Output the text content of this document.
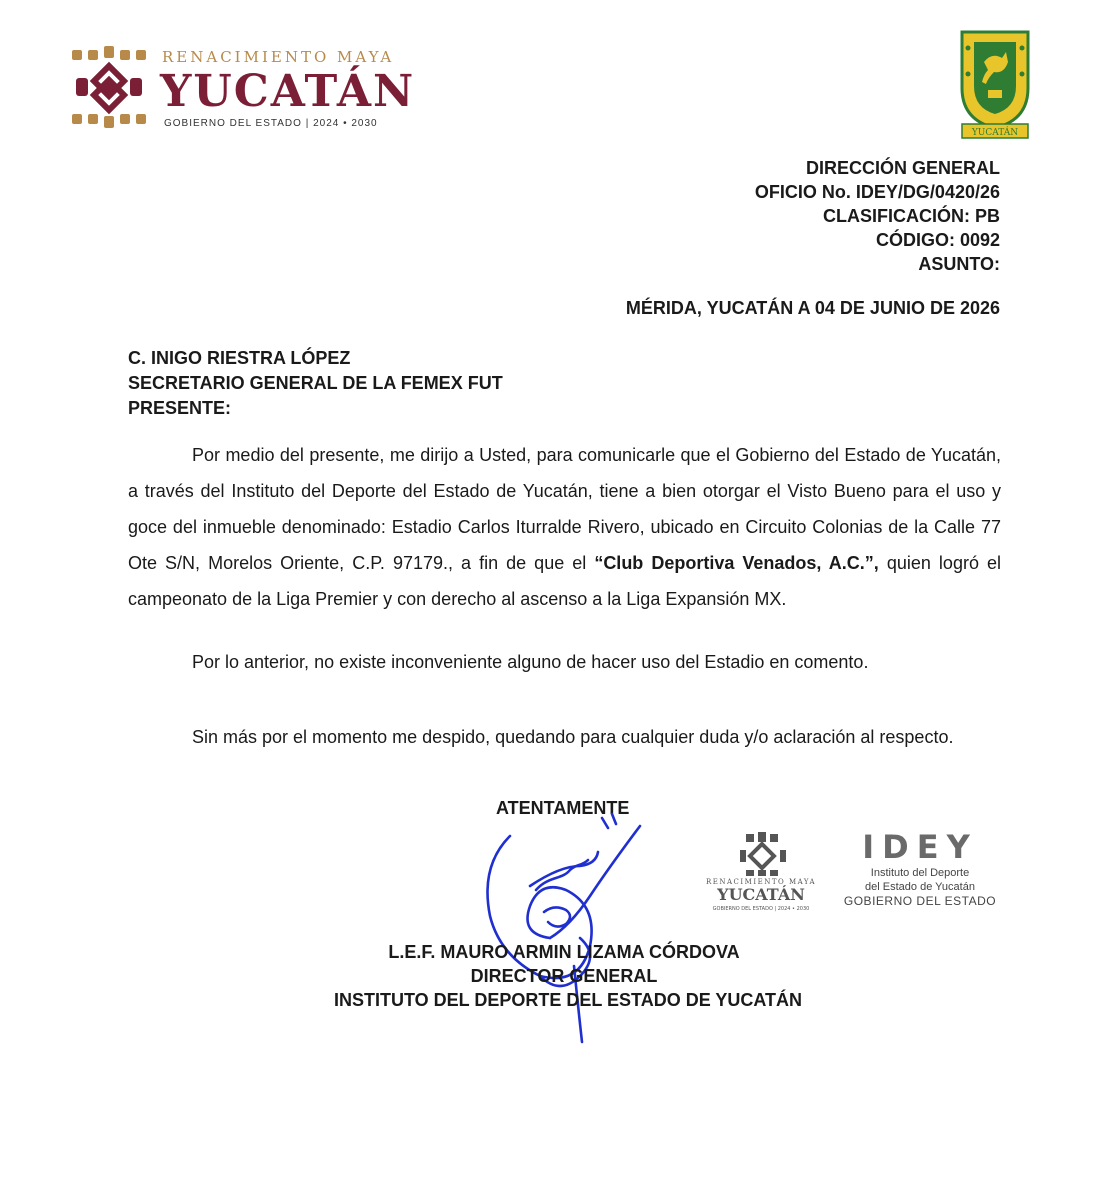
RENACIMIENTO MAYA
YUCATÁN
GOBIERNO DEL ESTADO | 2024 • 2030
YUCATÁN
DIRECCIÓN GENERAL
OFICIO No. IDEY/DG/0420/26
CLASIFICACIÓN: PB
CÓDIGO: 0092
ASUNTO:
MÉRIDA, YUCATÁN A 04 DE JUNIO DE 2026
C. INIGO RIESTRA LÓPEZ
SECRETARIO GENERAL DE LA FEMEX FUT
PRESENTE:

Por medio del presente, me dirijo a Usted, para comunicarle que el Gobierno del Estado de Yucatán, a través del Instituto del Deporte del Estado de Yucatán, tiene a bien otorgar el Visto Bueno para el uso y goce del inmueble denominado: Estadio Carlos Iturralde Rivero, ubicado en Circuito Colonias de la Calle 77 Ote S/N, Morelos Oriente, C.P. 97179., a fin de que el “Club Deportiva Venados, A.C.”, quien logró el campeonato de la Liga Premier y con derecho al ascenso a la Liga Expansión MX.

Por lo anterior, no existe inconveniente alguno de hacer uso del Estadio en comento.
Sin más por el momento me despido, quedando para cualquier duda y/o aclaración al respecto.
ATENTAMENTE
L.E.F. MAURO ARMIN LIZAMA CÓRDOVA
DIRECTOR GENERAL
INSTITUTO DEL DEPORTE DEL ESTADO DE YUCATÁN
RENACIMIENTO MAYA
YUCATÁN
GOBIERNO DEL ESTADO | 2024 • 2030
IDEY
Instituto del Deporte
del Estado de Yucatán
GOBIERNO DEL ESTADO
